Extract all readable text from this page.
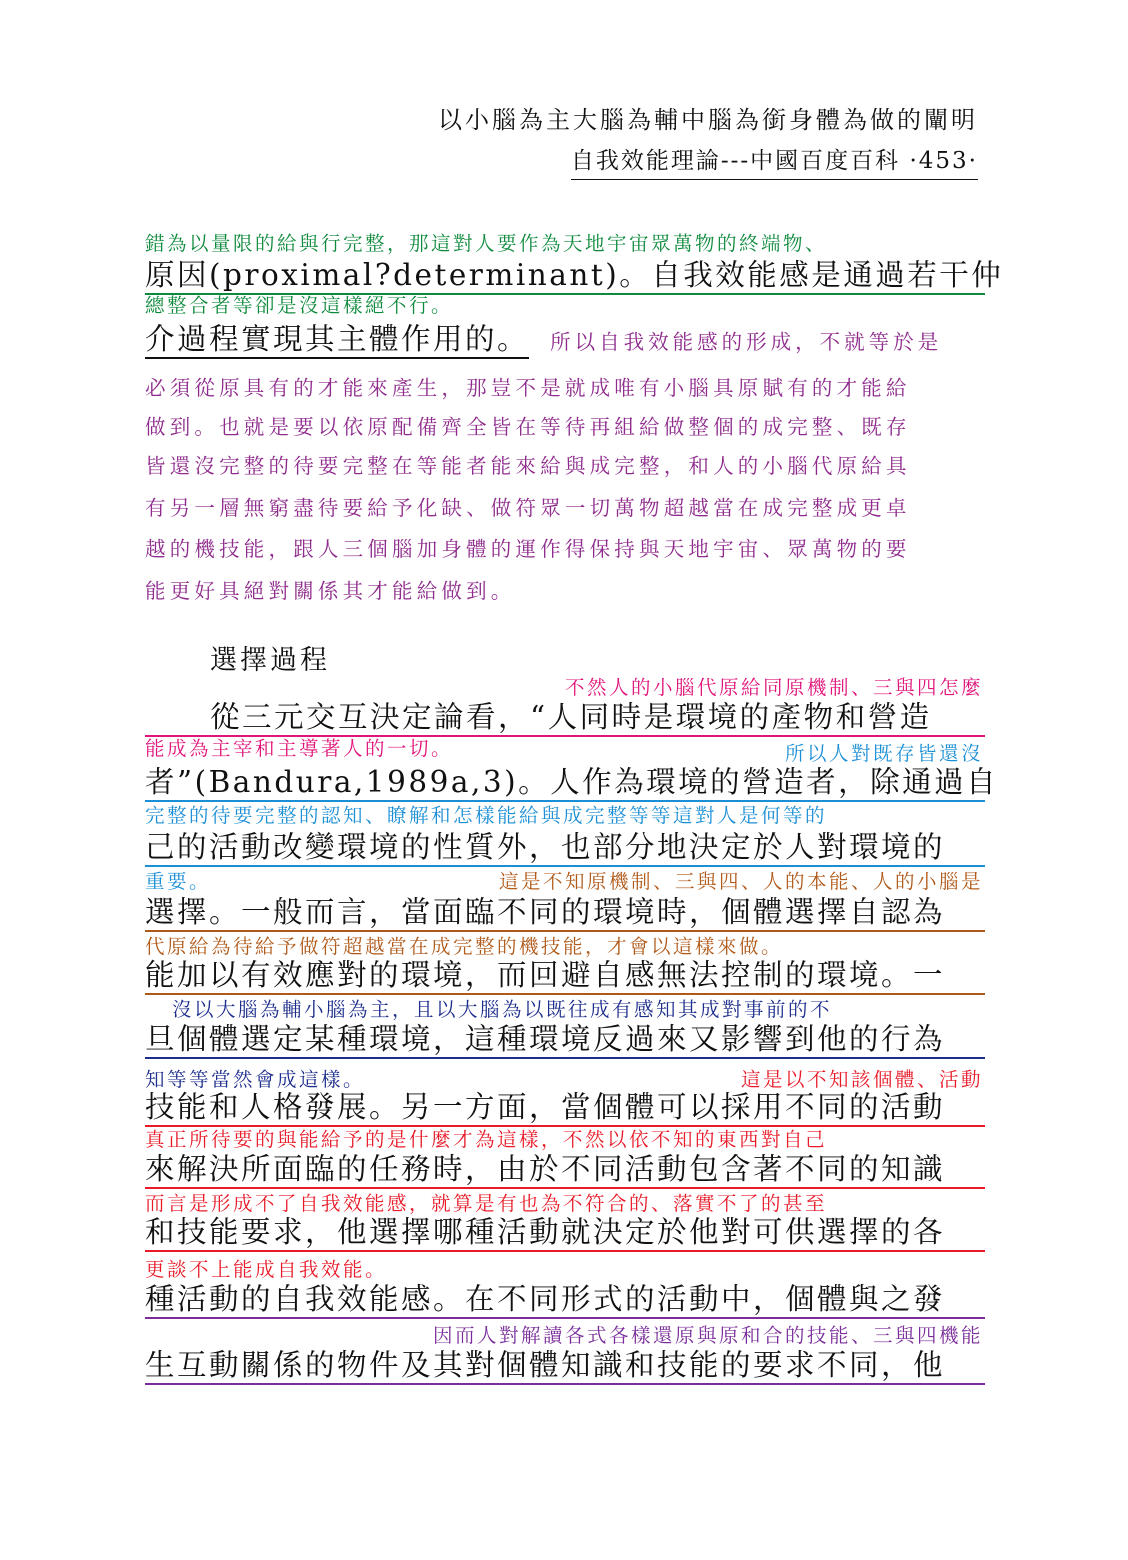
以小腦為主大腦為輔中腦為銜身體為做的闡明
自我效能理論---中國百度百科 ·453·
錯為以量限的給與行完整，那這對人要作為天地宇宙眾萬物的終端物、
原因(proximal?determinant)。自我效能感是通過若干仲
總整合者等卻是沒這樣絕不行。
介過程實現其主體作用的。 所以自我效能感的形成，不就等於是
必須從原具有的才能來產生，那豈不是就成唯有小腦具原賦有的才能給
做到。也就是要以依原配備齊全皆在等待再組給做整個的成完整、既存
皆還沒完整的待要完整在等能者能來給與成完整，和人的小腦代原給具
有另一層無窮盡待要給予化缺、做符眾一切萬物超越當在成完整成更卓
越的機技能，跟人三個腦加身體的運作得保持與天地宇宙、眾萬物的要
能更好具絕對關係其才能給做到。
選擇過程
不然人的小腦代原給同原機制、三與四怎麼
從三元交互決定論看，“人同時是環境的產物和營造
能成為主宰和主導著人的一切。	所以人對既存皆還沒
者”(Bandura,1989a,3)。人作為環境的營造者，除通過自
完整的待要完整的認知、瞭解和怎樣能給與成完整等等這對人是何等的
己的活動改變環境的性質外，也部分地決定於人對環境的
重要。	這是不知原機制、三與四、人的本能、人的小腦是
選擇。一般而言，當面臨不同的環境時，個體選擇自認為
代原給為待給予做符超越當在成完整的機技能，才會以這樣來做。
能加以有效應對的環境，而回避自感無法控制的環境。一
沒以大腦為輔小腦為主，且以大腦為以既往成有感知其成對事前的不
旦個體選定某種環境，這種環境反過來又影響到他的行為
知等等當然會成這樣。	這是以不知該個體、活動
技能和人格發展。另一方面，當個體可以採用不同的活動
真正所待要的與能給予的是什麼才為這樣，不然以依不知的東西對自己
來解決所面臨的任務時，由於不同活動包含著不同的知識
而言是形成不了自我效能感，就算是有也為不符合的、落實不了的甚至
和技能要求，他選擇哪種活動就決定於他對可供選擇的各
更談不上能成自我效能。
種活動的自我效能感。在不同形式的活動中，個體與之發
因而人對解讀各式各樣還原與原和合的技能、三與四機能
生互動關係的物件及其對個體知識和技能的要求不同，他
